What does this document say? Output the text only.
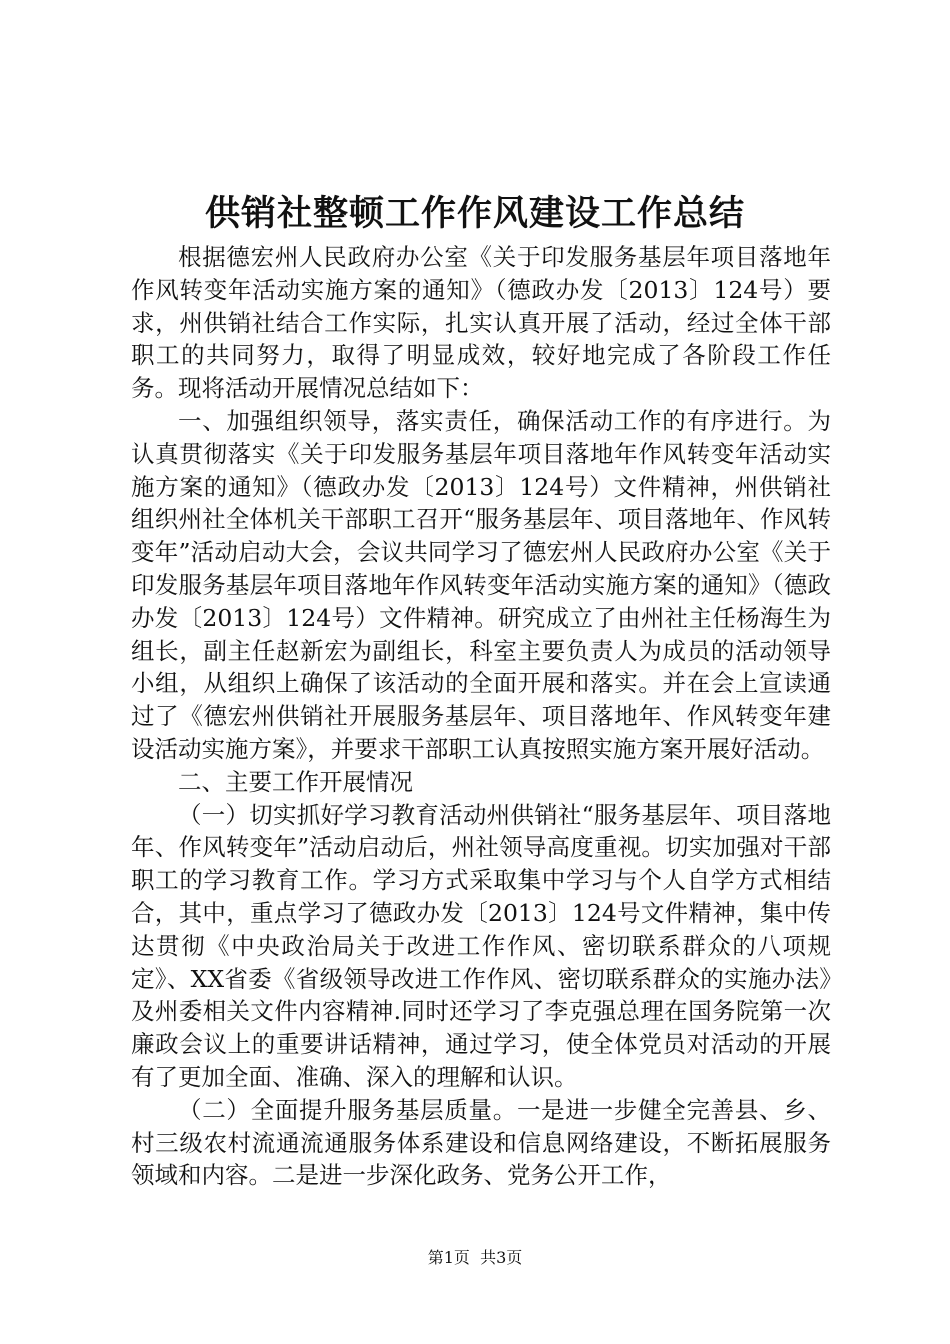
供销社整顿工作作风建设工作总结

根据德宏州人民政府办公室《关于印发服务基层年项目落地年作风转变年活动实施方案的通知》（德政办发〔2013〕124号）要求，州供销社结合工作实际，扎实认真开展了活动，经过全体干部职工的共同努力，取得了明显成效，较好地完成了各阶段工作任务。现将活动开展情况总结如下：

一、加强组织领导，落实责任，确保活动工作的有序进行。为认真贯彻落实《关于印发服务基层年项目落地年作风转变年活动实施方案的通知》（德政办发〔2013〕124号）文件精神，州供销社组织州社全体机关干部职工召开“服务基层年、项目落地年、作风转变年”活动启动大会，会议共同学习了德宏州人民政府办公室《关于印发服务基层年项目落地年作风转变年活动实施方案的通知》（德政办发〔2013〕124号）文件精神。研究成立了由州社主任杨海生为组长，副主任赵新宏为副组长，科室主要负责人为成员的活动领导小组，从组织上确保了该活动的全面开展和落实。并在会上宣读通过了《德宏州供销社开展服务基层年、项目落地年、作风转变年建设活动实施方案》，并要求干部职工认真按照实施方案开展好活动。

二、主要工作开展情况

（一）切实抓好学习教育活动州供销社“服务基层年、项目落地年、作风转变年”活动启动后，州社领导高度重视。切实加强对干部职工的学习教育工作。学习方式采取集中学习与个人自学方式相结合，其中，重点学习了德政办发〔2013〕124号文件精神，集中传达贯彻《中央政治局关于改进工作作风、密切联系群众的八项规定》、XX省委《省级领导改进工作作风、密切联系群众的实施办法》及州委相关文件内容精神.同时还学习了李克强总理在国务院第一次廉政会议上的重要讲话精神，通过学习，使全体党员对活动的开展有了更加全面、准确、深入的理解和认识。

（二）全面提升服务基层质量。一是进一步健全完善县、乡、村三级农村流通流通服务体系建设和信息网络建设，不断拓展服务领域和内容。二是进一步深化政务、党务公开工作，

第1页  共3页
